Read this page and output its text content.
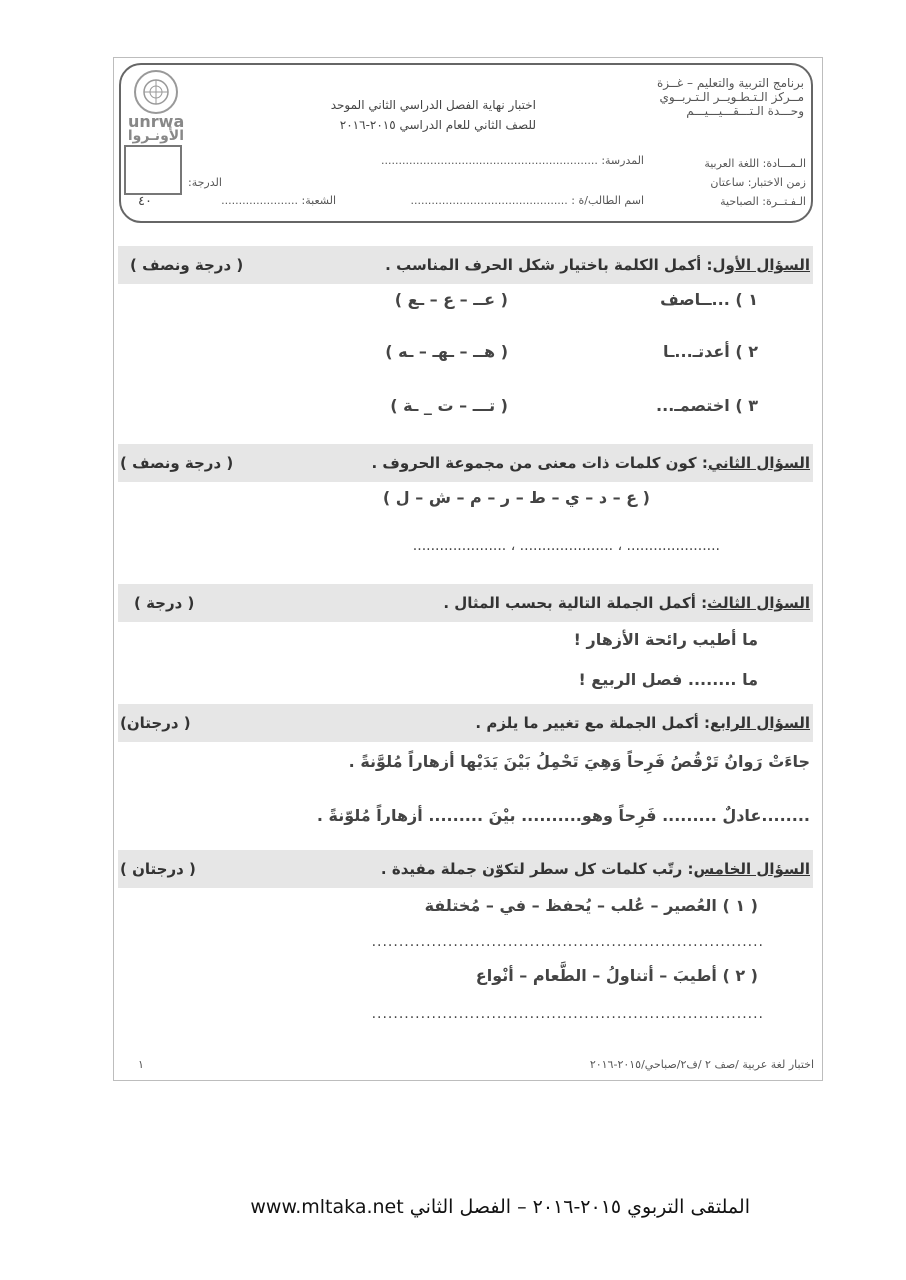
unrwa
الأونـروا
٤٠
الدرجة:
برنامج التربية والتعليم – غــزة
مــركز الـتـطـويــر الـتـربــوي
وحـــدة الـتـــقـــيـــيـــم
اختبار نهاية الفصل الدراسي الثاني الموحد
للصف الثاني للعام الدراسي ٢٠١٥-٢٠١٦
الـمـــادة: اللغة العربية
زمن الاختبار: ساعتان
الـفـتــرة: الصباحية
المدرسة: ..............................................................
اسم الطالب/ة : .............................................
الشعبة: ......................
السؤال الأول: أكمل الكلمة باختيار شكل الحرف المناسب .
( درجة ونصف )
١ ) ...ــاصف
( عــ – ع – ـع )
٢ ) أعدتـ...ـا
( هــ – ـهـ – ـه )
٣ ) اختصمـ...
( تـــ – ت _ ـة )
السؤال الثاني: كون كلمات ذات معنى من مجموعة الحروف .
( درجة ونصف )
( ع – د – ي – ط – ر – م – ش – ل )
..................... ، ..................... ، .....................
السؤال الثالث: أكمل الجملة التالية بحسب المثال .
( درجة )
ما أطيب رائحة الأزهار !
ما ........ فصل الربيع !
السؤال الرابع: أكمل الجملة مع تغيير ما يلزم .
( درجتان)
جاءَتْ رَوانُ تَرْقُصُ فَرِحاً وَهِيَ تَحْمِلُ بَيْنَ يَدَيْها أزهاراً مُلوَّنةً .
........عادلٌ ......... فَرِحاً وهو.......... بيْنَ ......... أزهاراً مُلوّنةً .
السؤال الخامس: رتّب كلمات كل سطر لتكوّن جملة مفيدة .
( درجتان )
( ١ ) العُصير – عُلب – يُحفظ – في – مُختلفة
........................................................................
( ٢ ) أطيبَ – أتناولُ – الطَّعام – أنْواع
........................................................................
اختبار لغة عربية /صف ٢ /ف٢/صباحي/٢٠١٥-٢٠١٦
١
الملتقى التربوي ٢٠١٥-٢٠١٦ – الفصل الثاني www.mltaka.net
